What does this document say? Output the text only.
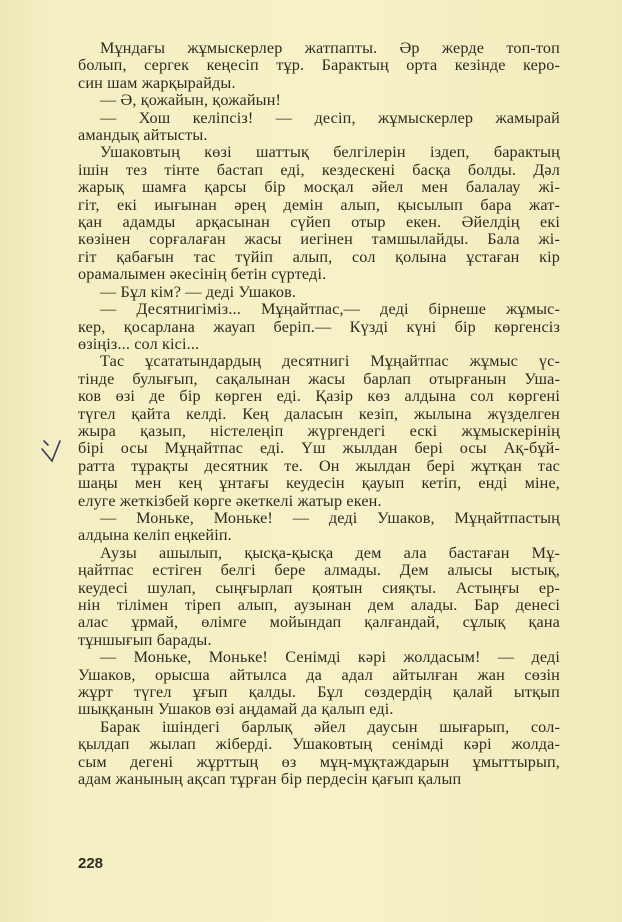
Мұндағы жұмыскерлер жатпапты. Әр жерде топ-топ
болып, сергек кеңесіп тұр. Бaрактың орта кезінде керо-
син шам жарқырайды.
— Ә, қожайын, қожайын!
— Хош келіпсіз! — десіп, жұмыскерлер жамырай
амандық айтысты.
Ушаковтың көзі шаттық белгілерін іздеп, барактың
ішін тез тінте бастап еді, кездескені басқа болды. Дәл
жарық шамға қарсы бір мосқал әйел мен балалау жі-
гіт, екі иығынан әрең демін алып, қысылып бара жат-
қан адамды арқасынан сүйеп отыр екен. Әйелдің екі
көзінен сорғалаған жасы иегінен тамшылайды. Бала жі-
гіт қабағын тас түйіп алып, сол қолына ұстаған кір
орамалымен әкесінің бетін сүртеді.
— Бұл кім? — деді Ушаков.
— Десятнигіміз... Мұңайтпас,— деді бірнеше жұмыс-
кер, қосарлана жауап беріп.— Күзді күні бір көргенсіз
өзіңіз... сол кісі...
Тас ұсататындардың десятнигі Мұңайтпас жұмыс үс-
тінде булығып, сақалынан жасы барлап отырғанын Уша-
ков өзі де бір көрген еді. Қазір көз алдына сол көргені
түгел қайта келді. Кең даласын кезіп, жылына жүзделген
жыра қазып, ністелеңіп жүргендегі ескі жұмыскерінің
бірі осы Мұңайтпас еді. Үш жылдан бері осы Ақ-бұй-
ратта тұрақты десятник те. Он жылдан бері жұтқан тас
шаңы мен кең ұнтағы кеудесін қауып кетіп, енді міне,
елуге жеткізбей көрге әкеткелі жатыр екен.
— Моньке, Моньке! — деді Ушаков, Мұңайтпастың
алдына келіп еңкейіп.
Аузы ашылып, қысқа-қысқа дем ала бастаған Мұ-
ңайтпас естіген белгі бере алмады. Дем алысы ыстық,
кеудесі шулап, сыңғырлап қоятын сияқты. Астыңғы ер-
нін тілімен тіреп алып, аузынан дем алады. Бар денесі
алас ұрмай, өлімге мойындап қалғандай, сұлық қана
тұншығып барады.
— Моньке, Моньке! Сенімді кәрі жолдасым! — деді
Ушаков, орысша айтылса да адал айтылған жан сөзін
жұрт түгел ұғып қалды. Бұл сөздердің қалай ытқып
шыққанын Ушаков өзі аңдамай да қалып еді.
Барак ішіндегі барлық әйел даусын шығарып, сол-
қылдап жылап жіберді. Ушаковтың сенімді кәрі жолда-
сым дегені жұрттың өз мұң-мұқтаждарын ұмыттырып,
адам жанының ақсап тұрған бір пердесін қағып қалып
228
